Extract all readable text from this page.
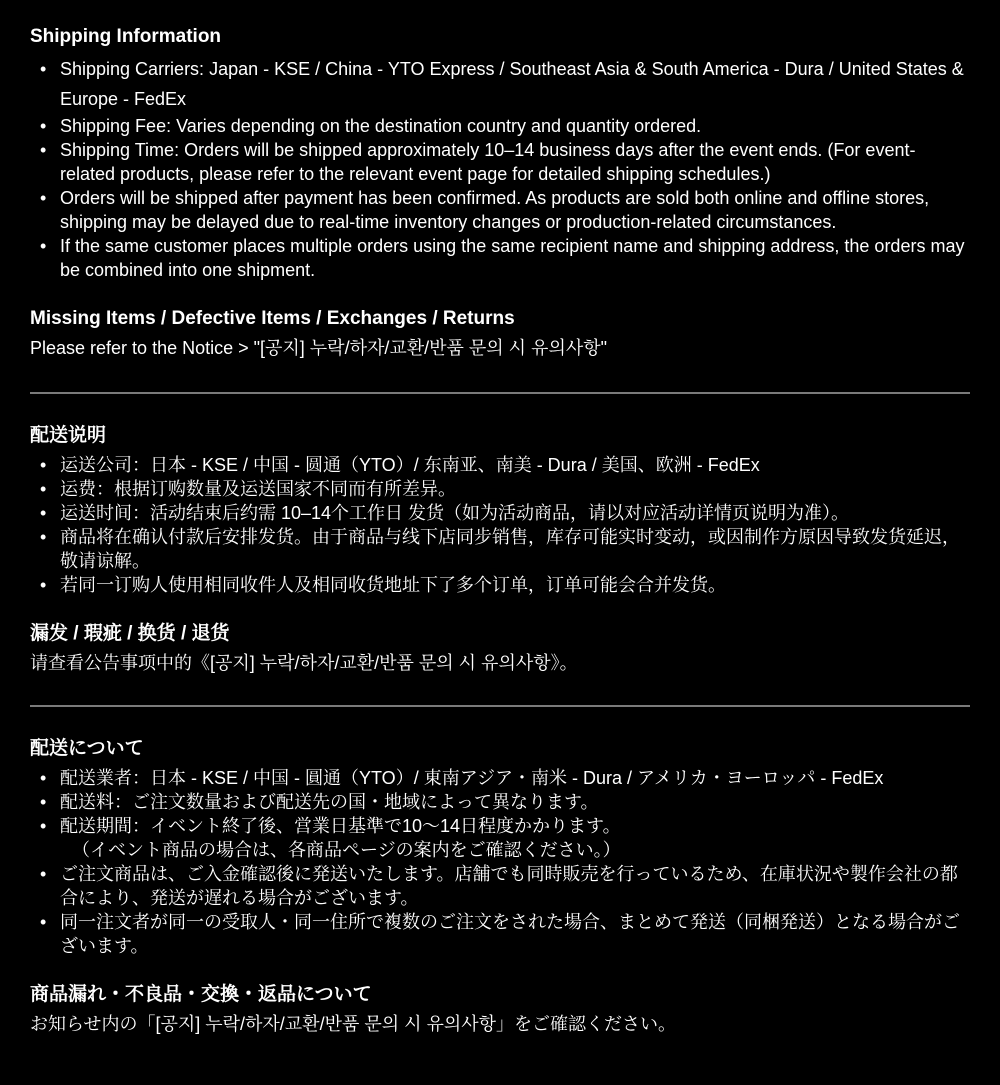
Shipping Information
• Shipping Carriers: Japan - KSE / China - YTO Express / Southeast Asia & South America - Dura / United States & Europe - FedEx
• Shipping Fee: Varies depending on the destination country and quantity ordered.
• Shipping Time: Orders will be shipped approximately 10–14 business days after the event ends. (For event-related products, please refer to the relevant event page for detailed shipping schedules.)
• Orders will be shipped after payment has been confirmed. As products are sold both online and offline stores, shipping may be delayed due to real-time inventory changes or production-related circumstances.
• If the same customer places multiple orders using the same recipient name and shipping address, the orders may be combined into one shipment.
Missing Items / Defective Items / Exchanges / Returns

Please refer to the Notice > "[공지] 누락/하자/교환/반품 문의 시 유의사항"

配送说明
• 运送公司：日本 - KSE / 中国 - 圆通（YTO）/ 东南亚、南美 - Dura / 美国、欧洲 - FedEx
• 运费：根据订购数量及运送国家不同而有所差异。
• 运送时间：活动结束后约需 10–14个工作日 发货（如为活动商品，请以对应活动详情页说明为准）。
• 商品将在确认付款后安排发货。由于商品与线下店同步销售，库存可能实时变动，或因制作方原因导致发货延迟，敬请谅解。
• 若同一订购人使用相同收件人及相同收货地址下了多个订单，订单可能会合并发货。
漏发 / 瑕疵 / 换货 / 退货

请查看公告事项中的《[공지] 누락/하자/교환/반품 문의 시 유의사항》。

配送について
• 配送業者：日本 - KSE / 中国 - 圓通（YTO）/ 東南アジア・南米 - Dura / アメリカ・ヨーロッパ - FedEx
• 配送料：ご注文数量および配送先の国・地域によって異なります。
• 配送期間：イベント終了後、営業日基準で10～14日程度かかります。
（イベント商品の場合は、各商品ページの案内をご確認ください。）
• ご注文商品は、ご入金確認後に発送いたします。店舗でも同時販売を行っているため、在庫状況や製作会社の都合により、発送が遅れる場合がございます。
• 同一注文者が同一の受取人・同一住所で複数のご注文をされた場合、まとめて発送（同梱発送）となる場合がございます。
商品漏れ・不良品・交換・返品について

お知らせ内の「[공지] 누락/하자/교환/반품 문의 시 유의사항」をご確認ください。
